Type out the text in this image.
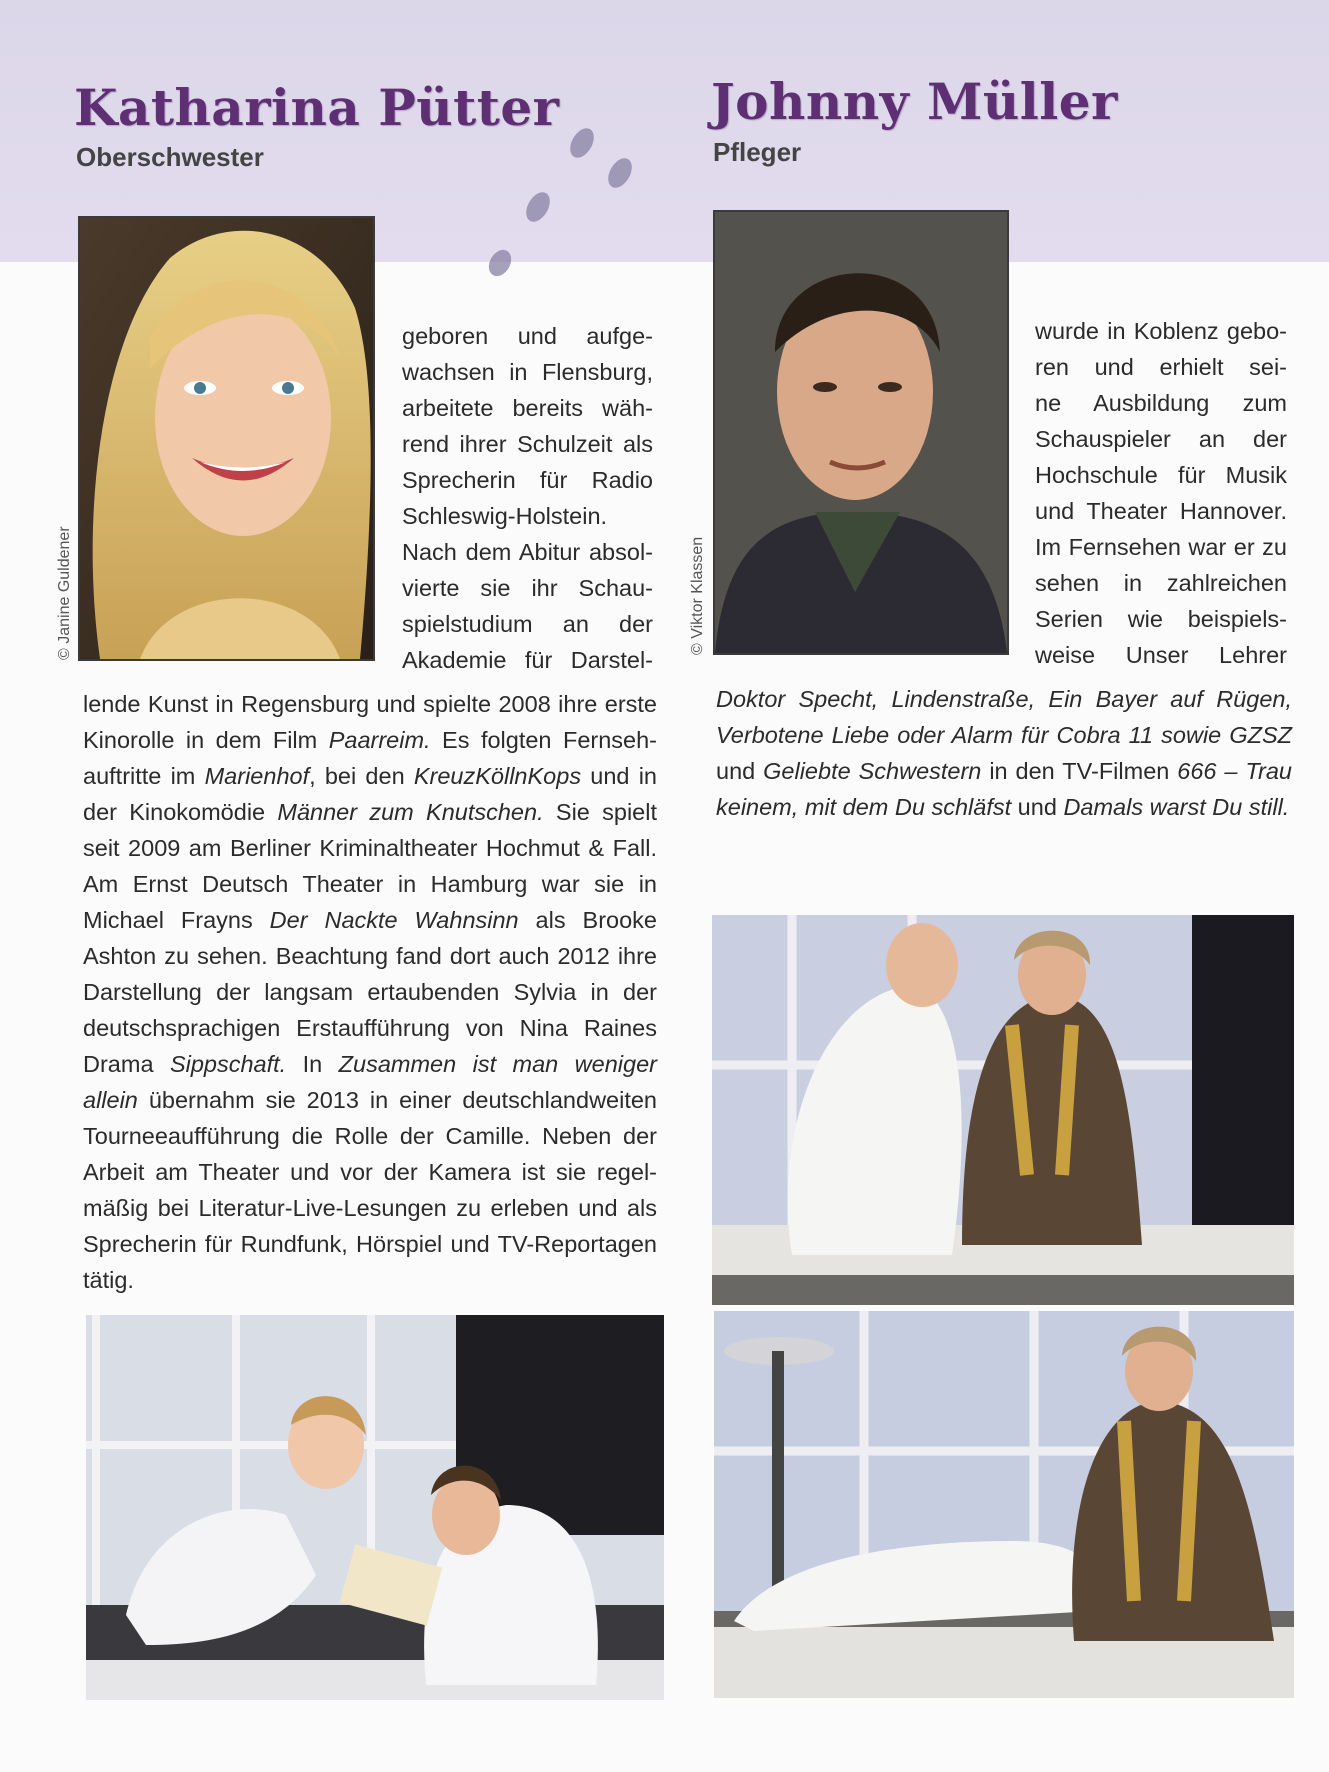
Katharina Pütter
Oberschwester
© Janine Guldener
geboren und aufge-
wachsen in Flensburg,
arbeitete bereits wäh-
rend ihrer Schulzeit als
Sprecherin für Radio
Schleswig-Holstein.
Nach dem Abitur absol-
vierte sie ihr Schau-
spielstudium an der
Akademie für Darstel-

lende Kunst in Regensburg und spielte 2008 ihre erste Kinorolle in dem Film Paarreim. Es folgten Fernseh-auftritte im Marienhof, bei den KreuzKöllnKops und in der Kinokomödie Männer zum Knutschen. Sie spielt seit 2009 am Berliner Kriminaltheater Hochmut & Fall. Am Ernst Deutsch Theater in Hamburg war sie in Michael Frayns Der Nackte Wahnsinn als Brooke Ashton zu sehen. Beachtung fand dort auch 2012 ihre Darstellung der langsam ertaubenden Sylvia in der deutschsprachigen Erstaufführung von Nina Raines Drama Sippschaft. In Zusammen ist man weniger allein übernahm sie 2013 in einer deutschlandweiten Tourneeaufführung die Rolle der Camille. Neben der Arbeit am Theater und vor der Kamera ist sie regel-mäßig bei Literatur-Live-Lesungen zu erleben und als Sprecherin für Rundfunk, Hörspiel und TV-Reportagen tätig.

Johnny Müller
Pfleger
© Viktor Klassen
wurde in Koblenz gebo-
ren und erhielt sei-
ne Ausbildung zum
Schauspieler an der
Hochschule für Musik
und Theater Hannover.
Im Fernsehen war er zu
sehen in zahlreichen
Serien wie beispiels-
weise Unser Lehrer

Doktor Specht, Lindenstraße, Ein Bayer auf Rügen, Verbotene Liebe oder Alarm für Cobra 11 sowie GZSZ und Geliebte Schwestern in den TV-Filmen 666 – Trau keinem, mit dem Du schläfst und Damals warst Du still.
